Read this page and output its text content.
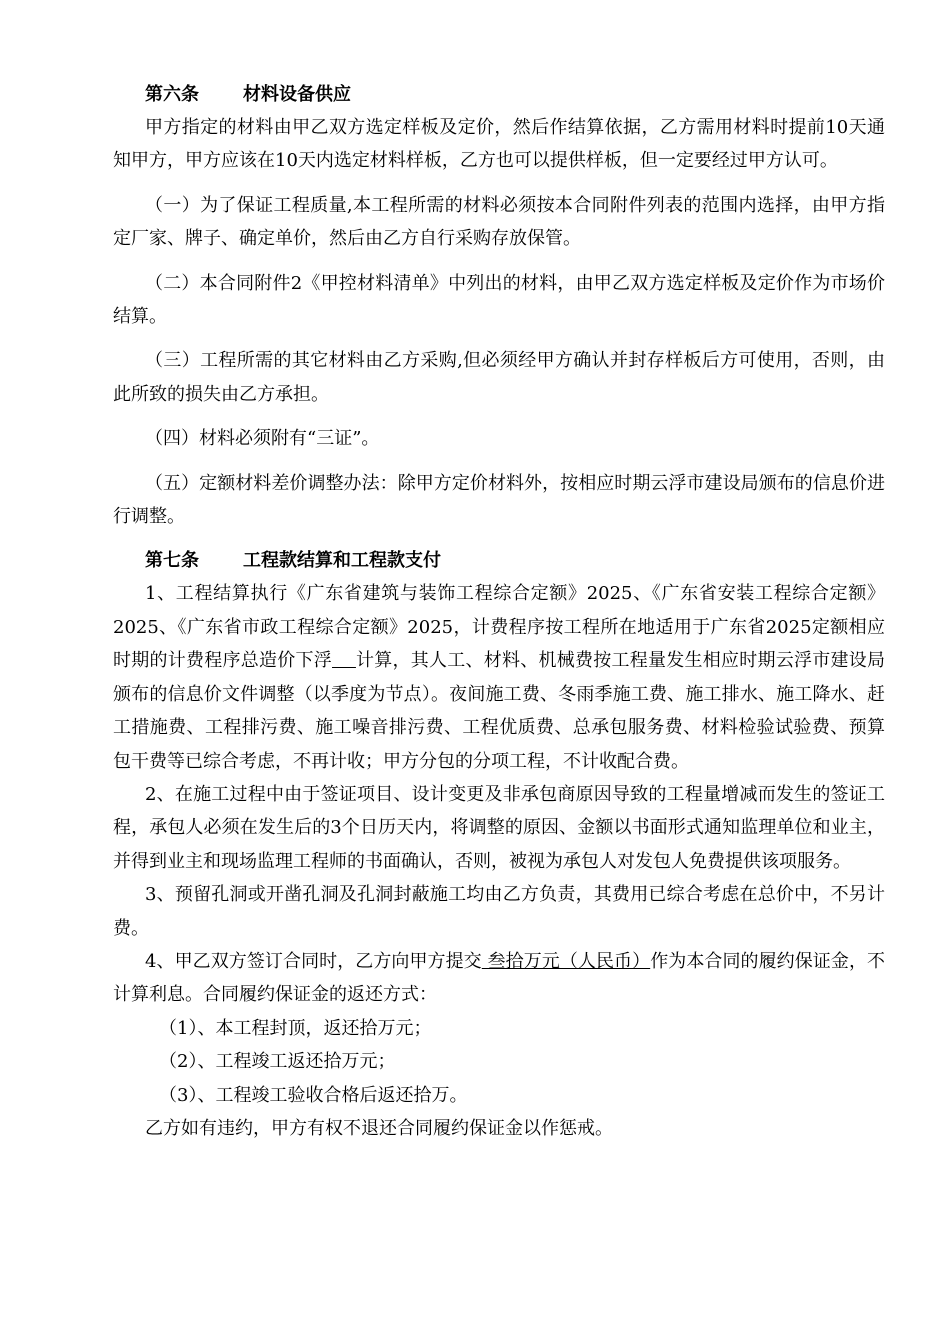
第六条 材料设备供应
甲方指定的材料由甲乙双方选定样板及定价，然后作结算依据，乙方需用材料时提前10天通知甲方，甲方应该在10天内选定材料样板，乙方也可以提供样板，但一定要经过甲方认可。
（一）为了保证工程质量,本工程所需的材料必须按本合同附件列表的范围内选择，由甲方指定厂家、牌子、确定单价，然后由乙方自行采购存放保管。
（二）本合同附件2《甲控材料清单》中列出的材料，由甲乙双方选定样板及定价作为市场价结算。
（三）工程所需的其它材料由乙方采购,但必须经甲方确认并封存样板后方可使用，否则，由此所致的损失由乙方承担。
（四）材料必须附有“三证”。
（五）定额材料差价调整办法：除甲方定价材料外，按相应时期云浮市建设局颁布的信息价进行调整。
第七条 工程款结算和工程款支付
1、工程结算执行《广东省建筑与装饰工程综合定额》2025、《广东省安装工程综合定额》2025、《广东省市政工程综合定额》2025，计费程序按工程所在地适用于广东省2025定额相应时期的计费程序总造价下浮 计算，其人工、材料、机械费按工程量发生相应时期云浮市建设局颁布的信息价文件调整（以季度为节点）。夜间施工费、冬雨季施工费、施工排水、施工降水、赶工措施费、工程排污费、施工噪音排污费、工程优质费、总承包服务费、材料检验试验费、预算包干费等已综合考虑，不再计收；甲方分包的分项工程，不计收配合费。
2、在施工过程中由于签证项目、设计变更及非承包商原因导致的工程量增减而发生的签证工程，承包人必须在发生后的3个日历天内，将调整的原因、金额以书面形式通知监理单位和业主，并得到业主和现场监理工程师的书面确认，否则，被视为承包人对发包人免费提供该项服务。
3、预留孔洞或开凿孔洞及孔洞封蔽施工均由乙方负责，其费用已综合考虑在总价中，不另计费。
4、甲乙双方签订合同时，乙方向甲方提交 叁拾万元（人民币）作为本合同的履约保证金，不计算利息。合同履约保证金的返还方式：
（1）、本工程封顶，返还拾万元；
（2）、工程竣工返还拾万元；
（3）、工程竣工验收合格后返还拾万。
乙方如有违约，甲方有权不退还合同履约保证金以作惩戒。
